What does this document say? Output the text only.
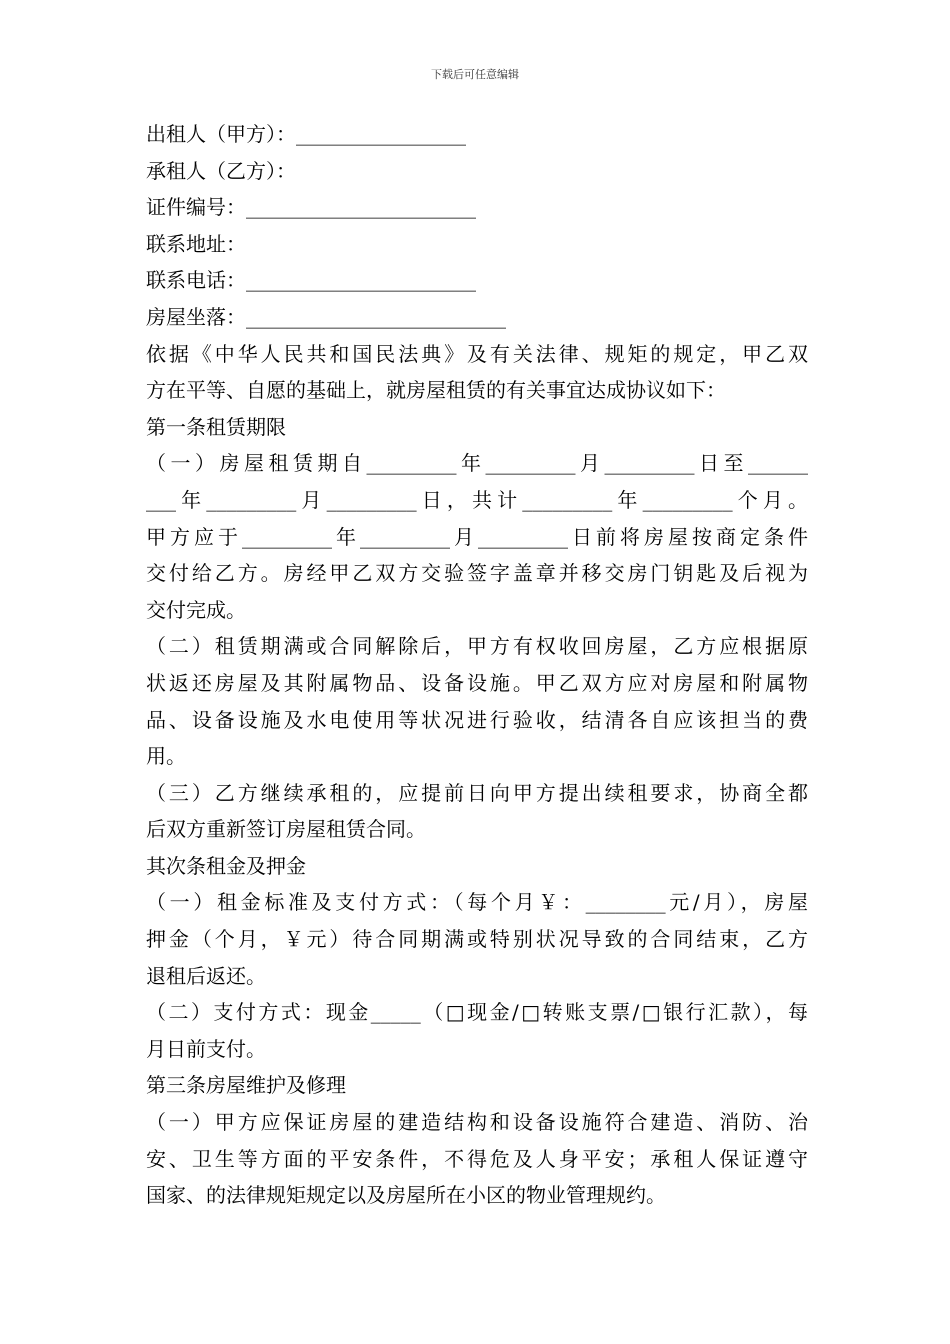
下载后可任意编辑
出租人（甲方）：_________________
承租人（乙方）：
证件编号：_______________________
联系地址：
联系电话：_______________________
房屋坐落：__________________________
依据《中华人民共和国民法典》及有关法律、规矩的规定，甲乙双
方在平等、自愿的基础上，就房屋租赁的有关事宜达成协议如下：
第一条租赁期限
（一）房屋租赁期自_________年_________月_________日至______
___年_________月_________日，共计_________年_________个月。
甲方应于_________年_________月_________日前将房屋按商定条件
交付给乙方。房经甲乙双方交验签字盖章并移交房门钥匙及后视为
交付完成。
（二）租赁期满或合同解除后，甲方有权收回房屋，乙方应根据原
状返还房屋及其附属物品、设备设施。甲乙双方应对房屋和附属物
品、设备设施及水电使用等状况进行验收，结清各自应该担当的费
用。
（三）乙方继续承租的，应提前日向甲方提出续租要求，协商全都
后双方重新签订房屋租赁合同。
其次条租金及押金
（一）租金标准及支付方式：（每个月￥：________元/月），房屋
押金（个月，￥元）待合同期满或特别状况导致的合同结束，乙方
退租后返还。
（二）支付方式：现金_____（□现金/□转账支票/□银行汇款），每
月日前支付。
第三条房屋维护及修理
（一）甲方应保证房屋的建造结构和设备设施符合建造、消防、治
安、卫生等方面的平安条件，不得危及人身平安；承租人保证遵守
国家、的法律规矩规定以及房屋所在小区的物业管理规约。
